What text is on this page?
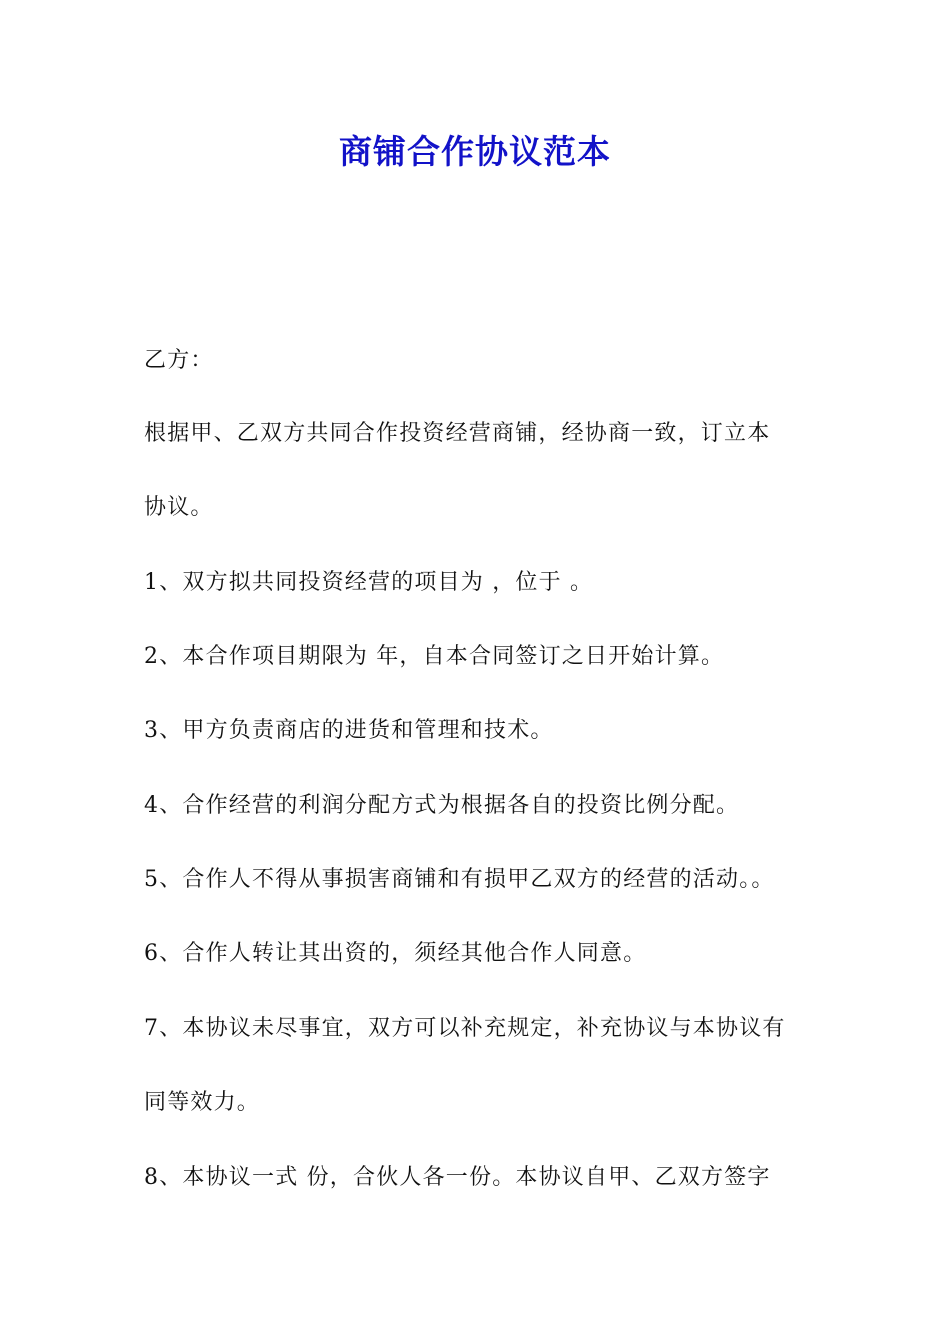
商铺合作协议范本
乙方：
根据甲、乙双方共同合作投资经营商铺，经协商一致，订立本
协议。
1、双方拟共同投资经营的项目为 ，位于 。
2、本合作项目期限为 年，自本合同签订之日开始计算。
3、甲方负责商店的进货和管理和技术。
4、合作经营的利润分配方式为根据各自的投资比例分配。
5、合作人不得从事损害商铺和有损甲乙双方的经营的活动。。
6、合作人转让其出资的，须经其他合作人同意。
7、本协议未尽事宜，双方可以补充规定，补充协议与本协议有
同等效力。
8、本协议一式 份，合伙人各一份。本协议自甲、乙双方签字
